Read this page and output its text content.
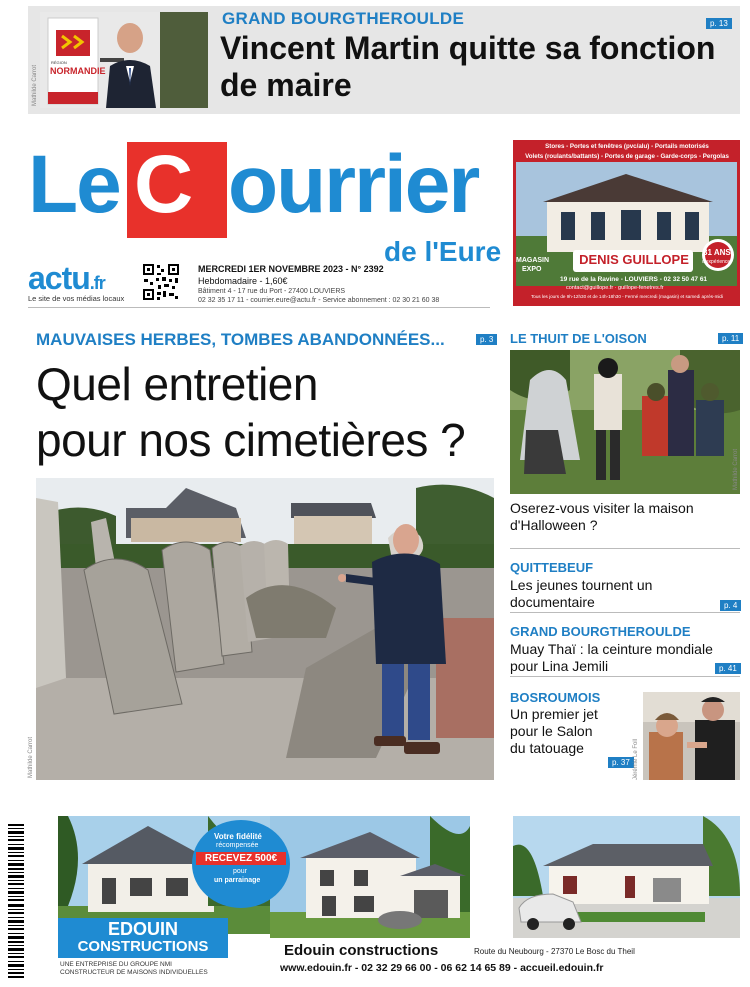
RÉGION
NORMANDIE
Mathilde Carrot
GRAND BOURGTHEROULDE
Vincent Martin quitte sa fonction de maire
p. 13
Le C ourrier
de l'Eure
actu.fr
Le site de vos médias locaux
MERCREDI 1ER NOVEMBRE 2023 - N° 2392
Hebdomadaire - 1,60€
Bâtiment 4 - 17 rue du Port - 27400 LOUVIERS
02 32 35 17 11 - courrier.eure@actu.fr - Service abonnement : 02 30 21 60 38
Stores - Portes et fenêtres (pvc/alu) - Portails motorisés
Volets (roulants/battants) - Portes de garage - Garde-corps - Pergolas
MAGASIN
EXPO
DENIS GUILLOPE	31 ANS
d'expérience
19 rue de la Ravine - LOUVIERS - 02 32 50 47 61
contact@guillope.fr · guillope-fenetres.fr
Tous les jours de 9h-12h30 et de 14h-18h30 - Fermé mercredi (magasin) et samedi après-midi
MAUVAISES HERBES, TOMBES ABANDONNÉES...	p. 3
Quel entretien
pour nos cimetières ?
Mathilde Carrot
LE THUIT DE L'OISON	p. 11
Mathilde Carrot
Oserez-vous visiter la maison d'Halloween ?
QUITTEBEUF
Les jeunes tournent un documentaire	p. 4
GRAND BOURGTHEROULDE
Muay Thaï : la ceinture mondiale pour Lina Jemili	p. 41
BOSROUMOIS
Un premier jet pour le Salon du tatouage
p. 37 Jérémie Le Foll
Votre fidélité
récompensée
RECEVEZ 500€
pour
un parrainage
EDOUIN
CONSTRUCTIONS
UNE ENTREPRISE DU GROUPE NMI
CONSTRUCTEUR DE MAISONS INDIVIDUELLES
Edouin constructions	Route du Neubourg - 27370 Le Bosc du Theil
www.edouin.fr - 02 32 29 66 00 - 06 62 14 65 89 - accueil.edouin.fr
